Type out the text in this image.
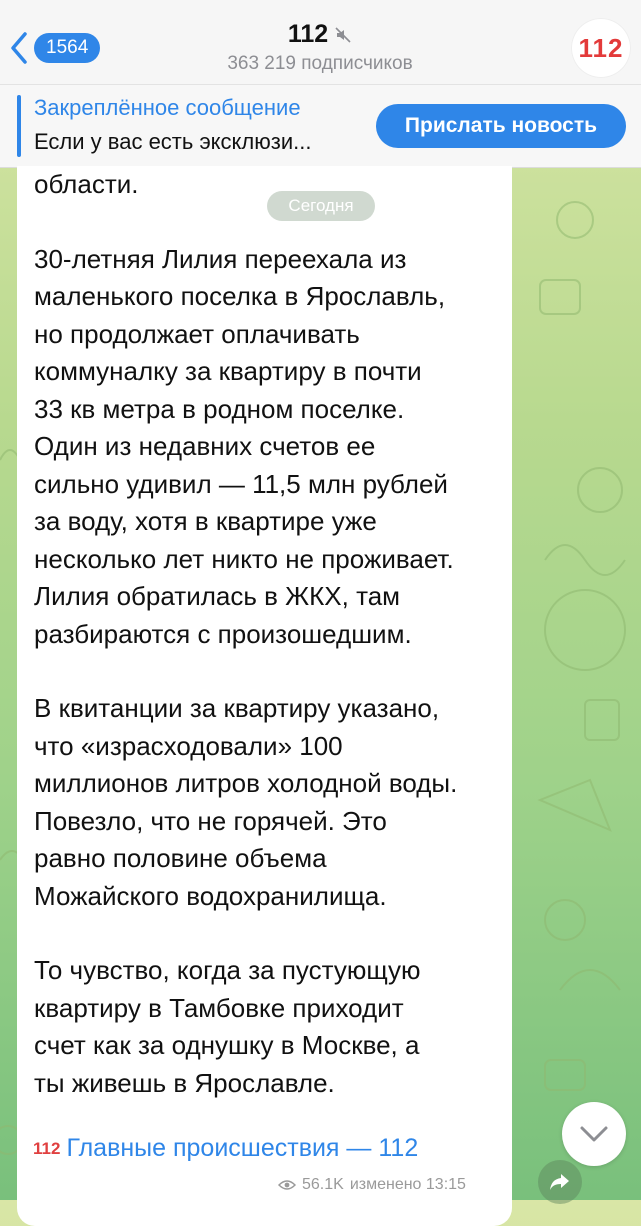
1564	112
363 219 подписчиков
112
Закреплённое сообщение
Если у вас есть эксклюзи...
Прислать новость

области.

30-летняя Лилия переехала из
маленького поселка в Ярославль,
но продолжает оплачивать
коммуналку за квартиру в почти
33 кв метра в родном поселке.
Один из недавних счетов ее
сильно удивил — 11,5 млн рублей
за воду, хотя в квартире уже
несколько лет никто не проживает.
Лилия обратилась в ЖКХ, там
разбираются с произошедшим.

В квитанции за квартиру указано,
что «израсходовали» 100
миллионов литров холодной воды.
Повезло, что не горячей. Это
равно половине объема
Можайского водохранилища.

То чувство, когда за пустующую
квартиру в Тамбовке приходит
счет как за однушку в Москве, а
ты живешь в Ярославле.

Сегодня
112 Главные происшествия — 112
56.1K изменено 13:15
